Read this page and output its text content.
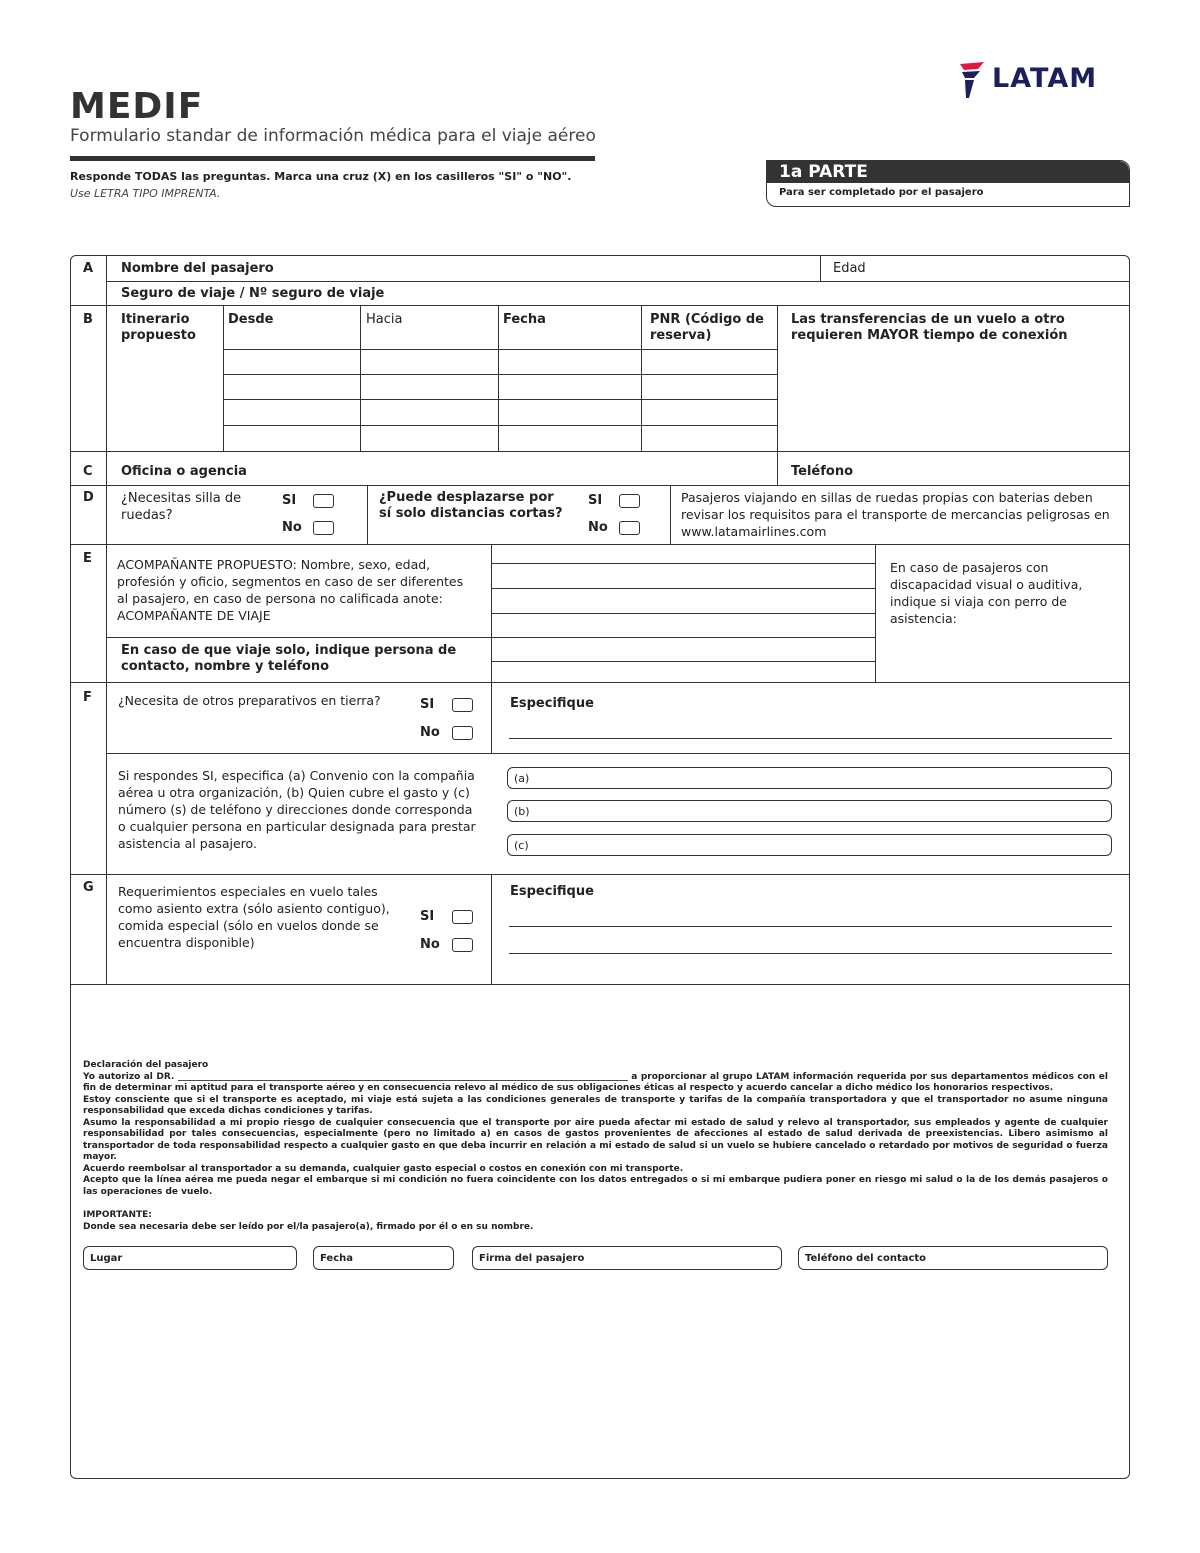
MEDIF
Formulario standar de información médica para el viaje aéreo
Responde TODAS las preguntas. Marca una cruz (X) en los casilleros "SI" o "NO".
Use LETRA TIPO IMPRENTA.
LATAM
1a PARTE
Para ser completado por el pasajero
A Nombre del pasajero	Edad
Seguro de viaje / Nº seguro de viaje
B Itinerario propuesto
Desde	Hacia	Fecha	PNR (Código de reserva)
Las transferencias de un vuelo a otro requieren MAYOR tiempo de conexión
C Oficina o agencia	Teléfono
D ¿Necesitas silla de ruedas?
SI
No
¿Puede desplazarse por sí solo distancias cortas?
SI
No
Pasajeros viajando en sillas de ruedas propias con baterias deben revisar los requisitos para el transporte de mercancias peligrosas en www.latamairlines.com
E ACOMPAÑANTE PROPUESTO: Nombre, sexo, edad, profesión y oficio, segmentos en caso de ser diferentes al pasajero, en caso de persona no calificada anote: ACOMPAÑANTE DE VIAJE
En caso de que viaje solo, indique persona de contacto, nombre y teléfono
En caso de pasajeros con discapacidad visual o auditiva, indique si viaja con perro de asistencia:
F ¿Necesita de otros preparativos en tierra?	SI
No
Especifique
Si respondes SI, especifica (a) Convenio con la compañia aérea u otra organización, (b) Quien cubre el gasto y (c) número (s) de teléfono y direcciones donde corresponda o cualquier persona en particular designada para prestar asistencia al pasajero.
(a)
(b)
(c)
G Requerimientos especiales en vuelo tales como asiento extra (sólo asiento contiguo), comida especial (sólo en vuelos donde se encuentra disponible)
SI
No
Especifique

Declaración del pasajero

Yo autorizo al DR. ____________________________________________________________________________________________________ a proporcionar al grupo LATAM información requerida por sus departamentos médicos con el fin de determinar mi aptitud para el transporte aéreo y en consecuencia relevo al médico de sus obligaciones éticas al respecto y acuerdo cancelar a dicho médico los honorarios respectivos.

Estoy consciente que si el transporte es aceptado, mi viaje está sujeta a las condiciones generales de transporte y tarifas de la compañía transportadora y que el transportador no asume ninguna responsabilidad que exceda dichas condiciones y tarifas.

Asumo la responsabilidad a mi propio riesgo de cualquier consecuencia que el transporte por aire pueda afectar mi estado de salud y relevo al transportador, sus empleados y agente de cualquier responsabilidad por tales consecuencias, especialmente (pero no limitado a) en casos de gastos provenientes de afecciones al estado de salud derivada de preexistencias. Libero asimismo al transportador de toda responsabilidad respecto a cualquier gasto en que deba incurrir en relación a mi estado de salud si un vuelo se hubiere cancelado o retardado por motivos de seguridad o fuerza mayor.

Acuerdo reembolsar al transportador a su demanda, cualquier gasto especial o costos en conexión con mi transporte.

Acepto que la línea aérea me pueda negar el embarque si mi condición no fuera coincidente con los datos entregados o si mi embarque pudiera poner en riesgo mi salud o la de los demás pasajeros o las operaciones de vuelo.

IMPORTANTE:

Donde sea necesaria debe ser leído por el/la pasajero(a), firmado por él o en su nombre.

Lugar	Fecha	Firma del pasajero	Teléfono del contacto
